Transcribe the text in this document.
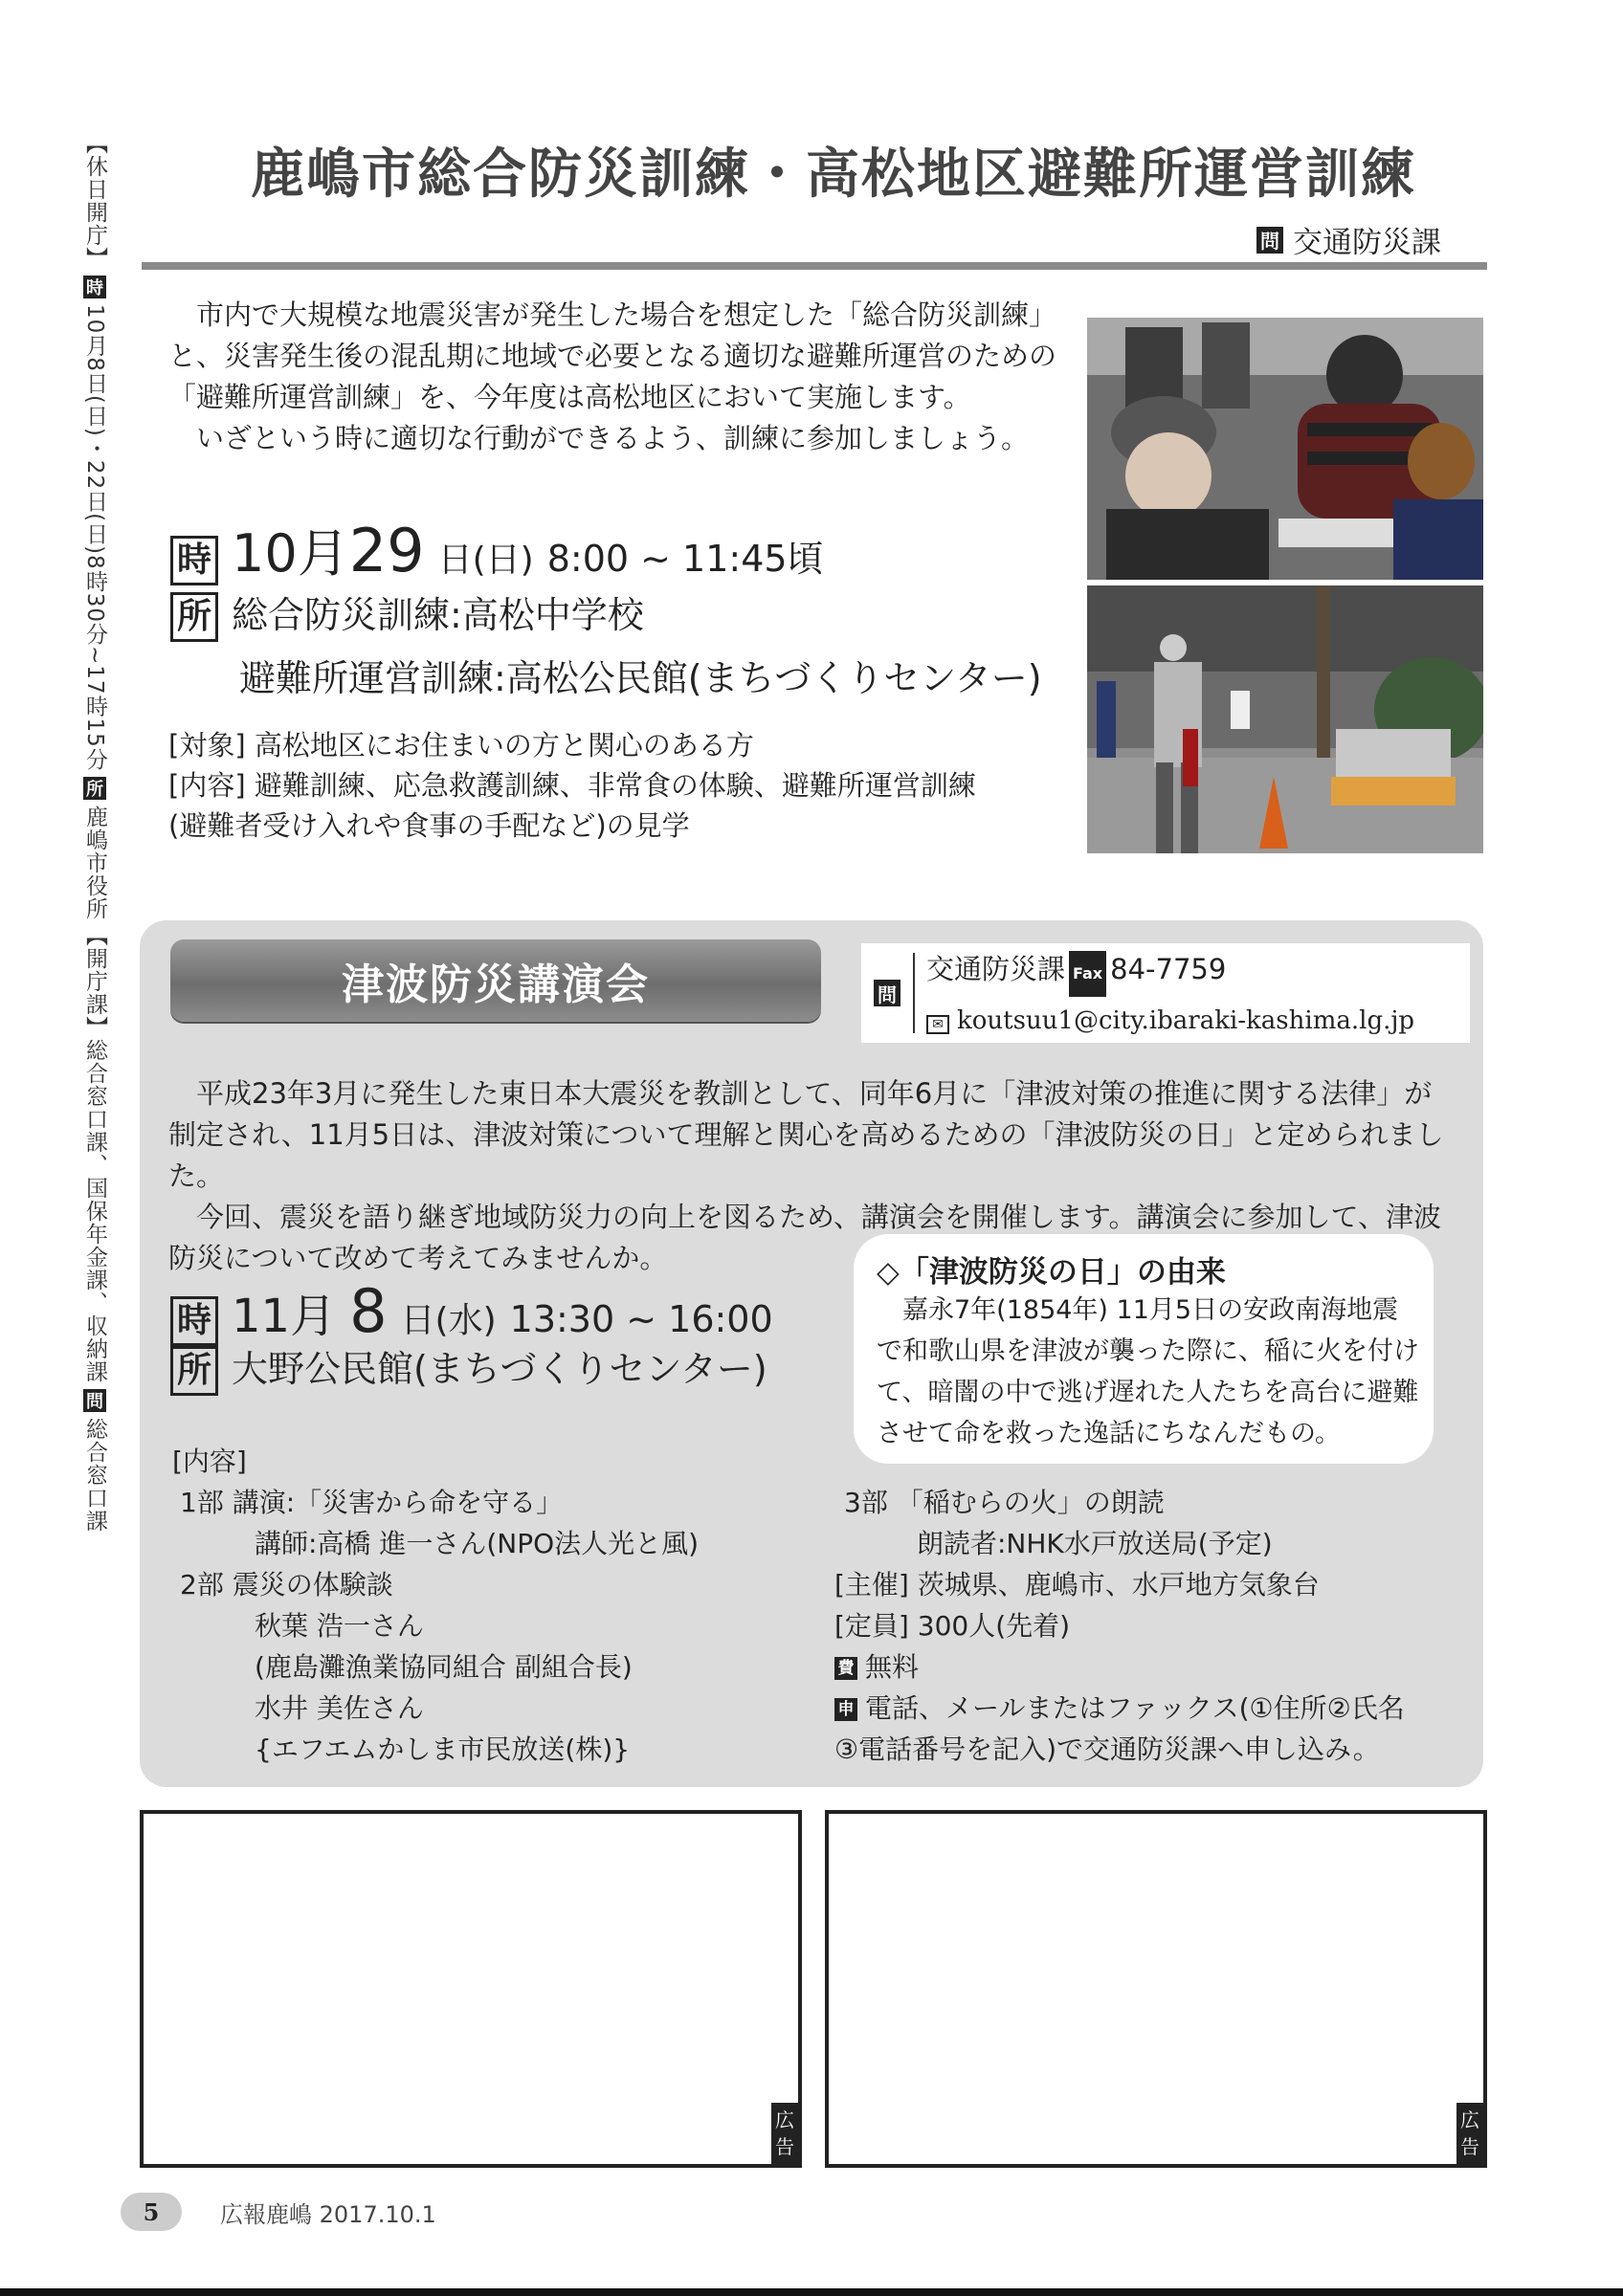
【休日開庁】
時
10月8日(日)・22日(日)8時30分~17時15分
所
鹿嶋市役所
【開庁課】
総合窓口課、国保年金課、収納課
問
総合窓口課
鹿嶋市総合防災訓練・高松地区避難所運営訓練
問 交通防災課

市内で大規模な地震災害が発生した場合を想定した「総合防災訓練」と、災害発生後の混乱期に地域で必要となる適切な避難所運営のための「避難所運営訓練」を、今年度は高松地区において実施します。

いざという時に適切な行動ができるよう、訓練に参加しましょう。

時 10月29 日(日) 8:00 ~ 11:45頃
所 総合防災訓練:高松中学校
避難所運営訓練:高松公民館(まちづくりセンター)
[対象] 高松地区にお住まいの方と関心のある方
[内容] 避難訓練、応急救護訓練、非常食の体験、避難所運営訓練
(避難者受け入れや食事の手配など)の見学
津波防災講演会	問
交通防災課 Fax 84-7759
✉ koutsuu1@city.ibaraki-kashima.lg.jp

平成23年3月に発生した東日本大震災を教訓として、同年6月に「津波対策の推進に関する法律」が制定され、11月5日は、津波対策について理解と関心を高めるための「津波防災の日」と定められました。

今回、震災を語り継ぎ地域防災力の向上を図るため、講演会を開催します。講演会に参加して、津波防災について改めて考えてみませんか。

時 11月 8 日(水) 13:30 ~ 16:00
所 大野公民館(まちづくりセンター)
◇「津波防災の日」の由来
嘉永7年(1854年) 11月5日の安政南海地震で和歌山県を津波が襲った際に、稲に火を付けて、暗闇の中で逃げ遅れた人たちを高台に避難させて命を救った逸話にちなんだもの。
[内容]
1部 講演:「災害から命を守る」
講師:高橋 進一さん(NPO法人光と風)
2部 震災の体験談
秋葉 浩一さん
(鹿島灘漁業協同組合 副組合長)
水井 美佐さん
{エフエムかしま市民放送(株)}
3部 「稲むらの火」の朗読
朗読者:NHK水戸放送局(予定)
[主催] 茨城県、鹿嶋市、水戸地方気象台
[定員] 300人(先着)
費 無料
申 電話、メールまたはファックス(①住所②氏名
③電話番号を記入)で交通防災課へ申し込み。
広告
広告
5	広報鹿嶋 2017.10.1
